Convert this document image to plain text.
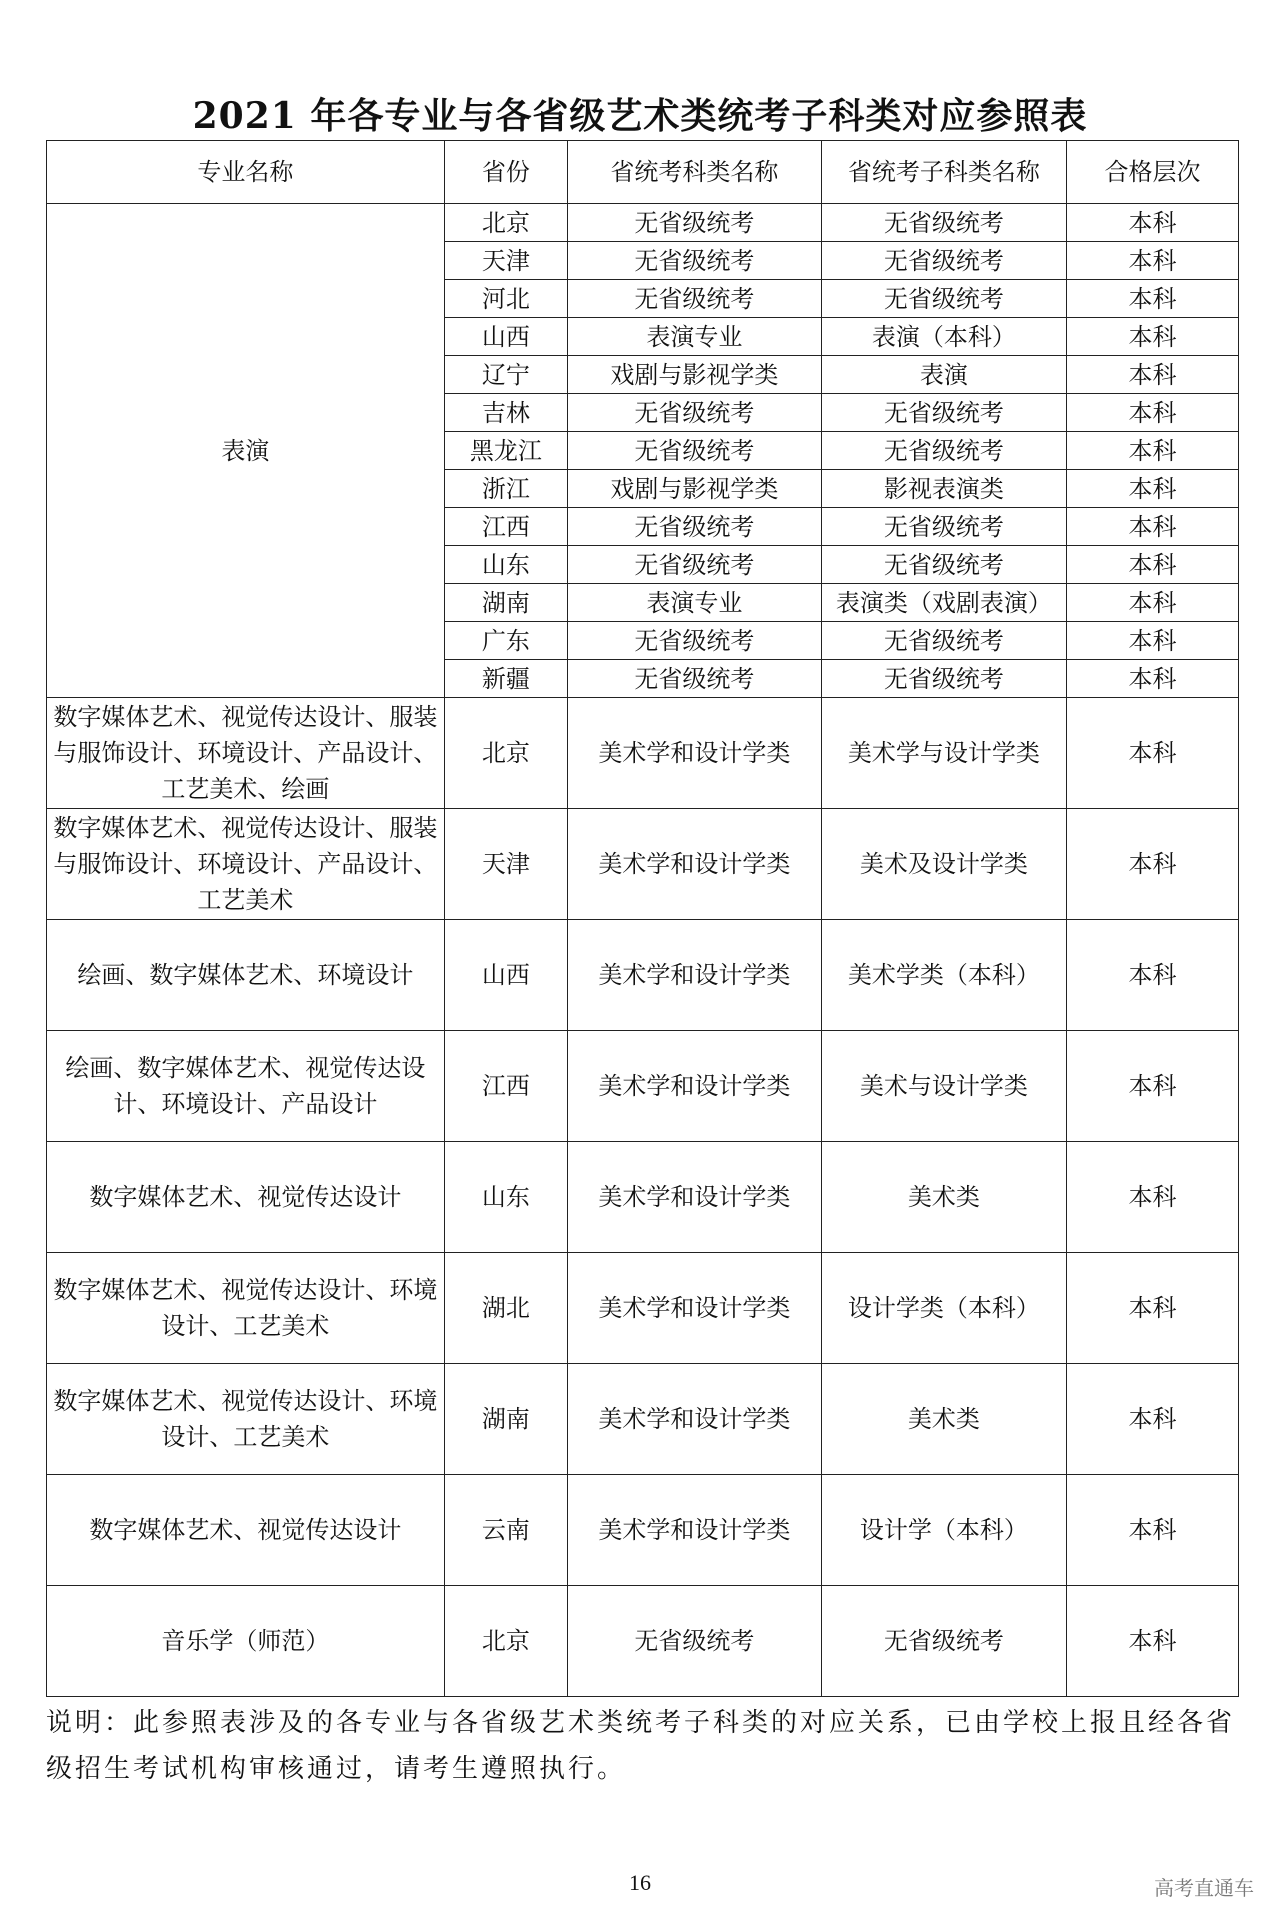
2021 年各专业与各省级艺术类统考子科类对应参照表
专业名称	省份	省统考科类名称	省统考子科类名称	合格层次
表演	北京	无省级统考	无省级统考	本科
	天津	无省级统考	无省级统考	本科
	河北	无省级统考	无省级统考	本科
	山西	表演专业	表演（本科）	本科
	辽宁	戏剧与影视学类	表演	本科
	吉林	无省级统考	无省级统考	本科
	黑龙江	无省级统考	无省级统考	本科
	浙江	戏剧与影视学类	影视表演类	本科
	江西	无省级统考	无省级统考	本科
	山东	无省级统考	无省级统考	本科
	湖南	表演专业	表演类（戏剧表演）	本科
	广东	无省级统考	无省级统考	本科
	新疆	无省级统考	无省级统考	本科
数字媒体艺术、视觉传达设计、服装与服饰设计、环境设计、产品设计、工艺美术、绘画	北京	美术学和设计学类	美术学与设计学类	本科
数字媒体艺术、视觉传达设计、服装与服饰设计、环境设计、产品设计、工艺美术	天津	美术学和设计学类	美术及设计学类	本科
绘画、数字媒体艺术、环境设计	山西	美术学和设计学类	美术学类（本科）	本科
绘画、数字媒体艺术、视觉传达设计、环境设计、产品设计	江西	美术学和设计学类	美术与设计学类	本科
数字媒体艺术、视觉传达设计	山东	美术学和设计学类	美术类	本科
数字媒体艺术、视觉传达设计、环境设计、工艺美术	湖北	美术学和设计学类	设计学类（本科）	本科
数字媒体艺术、视觉传达设计、环境设计、工艺美术	湖南	美术学和设计学类	美术类	本科
数字媒体艺术、视觉传达设计	云南	美术学和设计学类	设计学（本科）	本科
音乐学（师范）	北京	无省级统考	无省级统考	本科

说明：此参照表涉及的各专业与各省级艺术类统考子科类的对应关系，已由学校上报且经各省级招生考试机构审核通过，请考生遵照执行。

16	高考直通车
